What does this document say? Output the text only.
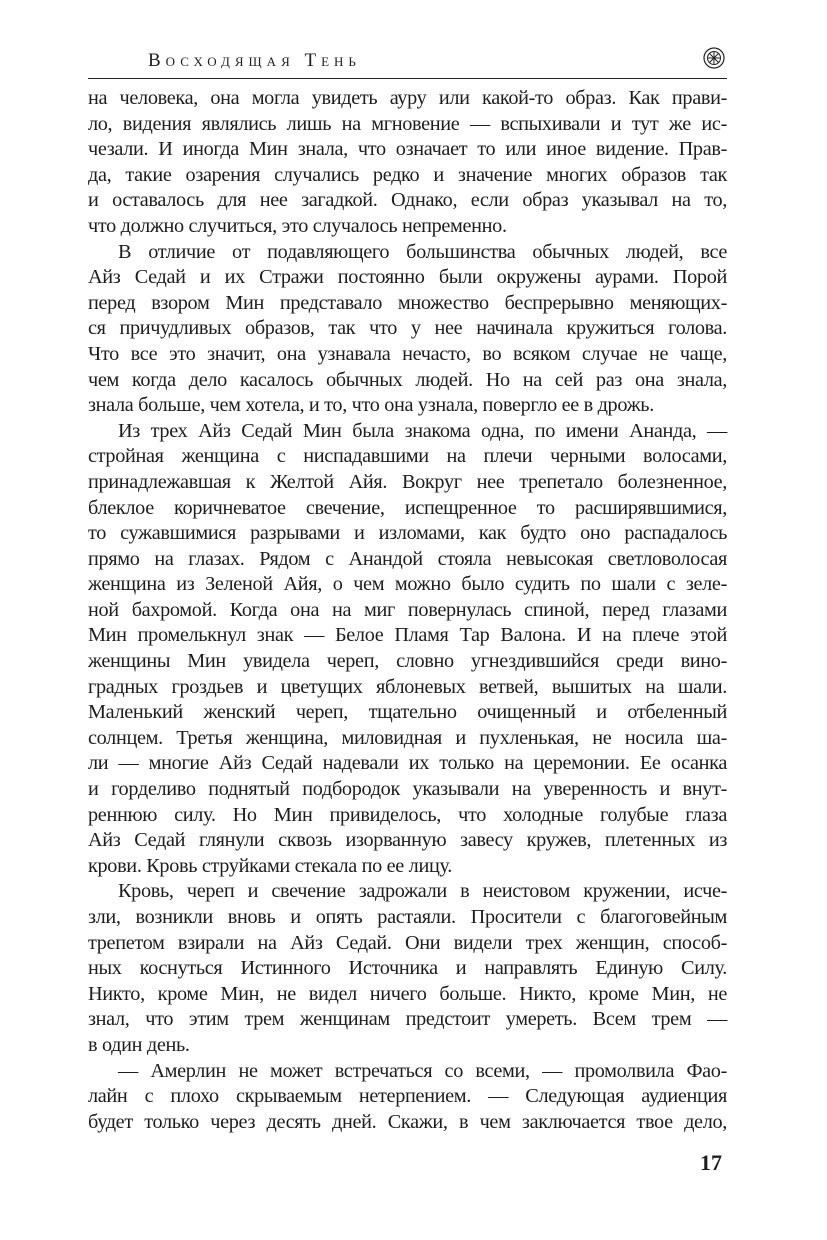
Восходящая Тень
на человека, она могла увидеть ауру или какой-то образ. Как прави-
ло, видения являлись лишь на мгновение — вспыхивали и тут же ис-
чезали. И иногда Мин знала, что означает то или иное видение. Прав-
да, такие озарения случались редко и значение многих образов так
и оставалось для нее загадкой. Однако, если образ указывал на то,
что должно случиться, это случалось непременно.
В отличие от подавляющего большинства обычных людей, все
Айз Седай и их Стражи постоянно были окружены аурами. Порой
перед взором Мин представало множество беспрерывно меняющих-
ся причудливых образов, так что у нее начинала кружиться голова.
Что все это значит, она узнавала нечасто, во всяком случае не чаще,
чем когда дело касалось обычных людей. Но на сей раз она знала,
знала больше, чем хотела, и то, что она узнала, повергло ее в дрожь.
Из трех Айз Седай Мин была знакома одна, по имени Ананда, —
стройная женщина с ниспадавшими на плечи черными волосами,
принадлежавшая к Желтой Айя. Вокруг нее трепетало болезненное,
блеклое коричневатое свечение, испещренное то расширявшимися,
то сужавшимися разрывами и изломами, как будто оно распадалось
прямо на глазах. Рядом с Анандой стояла невысокая светловолосая
женщина из Зеленой Айя, о чем можно было судить по шали с зеле-
ной бахромой. Когда она на миг повернулась спиной, перед глазами
Мин промелькнул знак — Белое Пламя Тар Валона. И на плече этой
женщины Мин увидела череп, словно угнездившийся среди вино-
градных гроздьев и цветущих яблоневых ветвей, вышитых на шали.
Маленький женский череп, тщательно очищенный и отбеленный
солнцем. Третья женщина, миловидная и пухленькая, не носила ша-
ли — многие Айз Седай надевали их только на церемонии. Ее осанка
и горделиво поднятый подбородок указывали на уверенность и внут-
реннюю силу. Но Мин привиделось, что холодные голубые глаза
Айз Седай глянули сквозь изорванную завесу кружев, плетенных из
крови. Кровь струйками стекала по ее лицу.
Кровь, череп и свечение задрожали в неистовом кружении, исче-
зли, возникли вновь и опять растаяли. Просители с благоговейным
трепетом взирали на Айз Седай. Они видели трех женщин, способ-
ных коснуться Истинного Источника и направлять Единую Силу.
Никто, кроме Мин, не видел ничего больше. Никто, кроме Мин, не
знал, что этим трем женщинам предстоит умереть. Всем трем —
в один день.
— Амерлин не может встречаться со всеми, — промолвила Фао-
лайн с плохо скрываемым нетерпением. — Следующая аудиенция
будет только через десять дней. Скажи, в чем заключается твое дело,
17
